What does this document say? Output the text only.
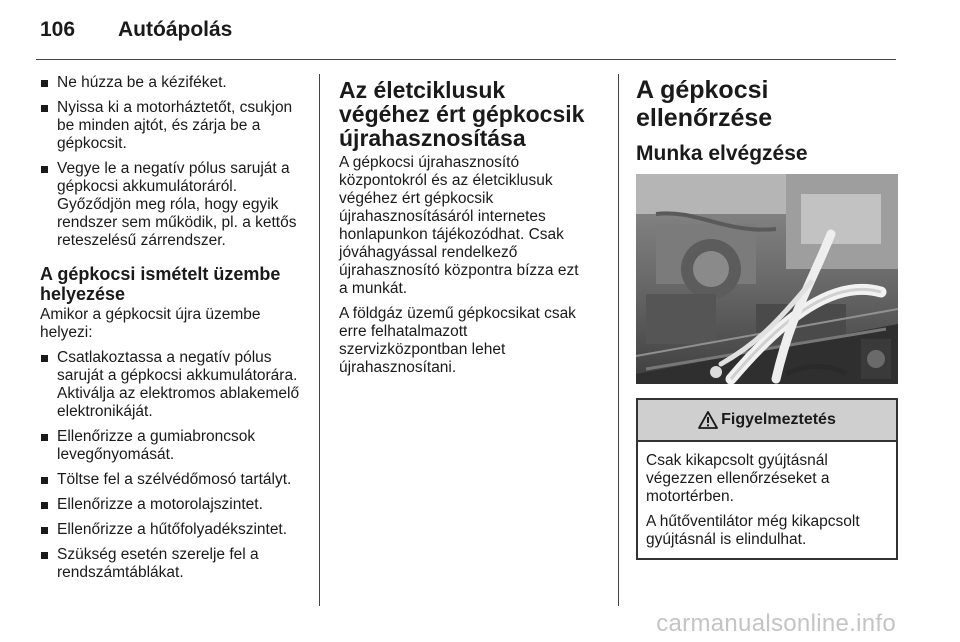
106 Autóápolás
Ne húzza be a kéziféket.
Nyissa ki a motorháztetőt, csukjon be minden ajtót, és zárja be a gépkocsit.
Vegye le a negatív pólus saruját a gépkocsi akkumulátoráról. Győződjön meg róla, hogy egyik rendszer sem működik, pl. a kettős reteszelésű zárrendszer.
A gépkocsi ismételt üzembe helyezése

Amikor a gépkocsit újra üzembe helyezi:

Csatlakoztassa a negatív pólus saruját a gépkocsi akkumulátorára. Aktiválja az elektromos ablakemelő elektronikáját.
Ellenőrizze a gumiabroncsok levegőnyomását.
Töltse fel a szélvédőmosó tartályt.
Ellenőrizze a motorolajszintet.
Ellenőrizze a hűtőfolyadékszintet.
Szükség esetén szerelje fel a rendszámtáblákat.
Az életciklusuk végéhez ért gépkocsik újrahasznosítása

A gépkocsi újrahasznosító központokról és az életciklusuk végéhez ért gépkocsik újrahasznosításáról internetes honlapunkon tájékozódhat. Csak jóváhagyással rendelkező újrahasznosító központra bízza ezt a munkát.

A földgáz üzemű gépkocsikat csak erre felhatalmazott szervizközpontban lehet újrahasznosítani.

A gépkocsi ellenőrzése
Munka elvégzése
Figyelmeztetés

Csak kikapcsolt gyújtásnál végezzen ellenőrzéseket a motortérben.

A hűtőventilátor még kikapcsolt gyújtásnál is elindulhat.

carmanualsonline.info
